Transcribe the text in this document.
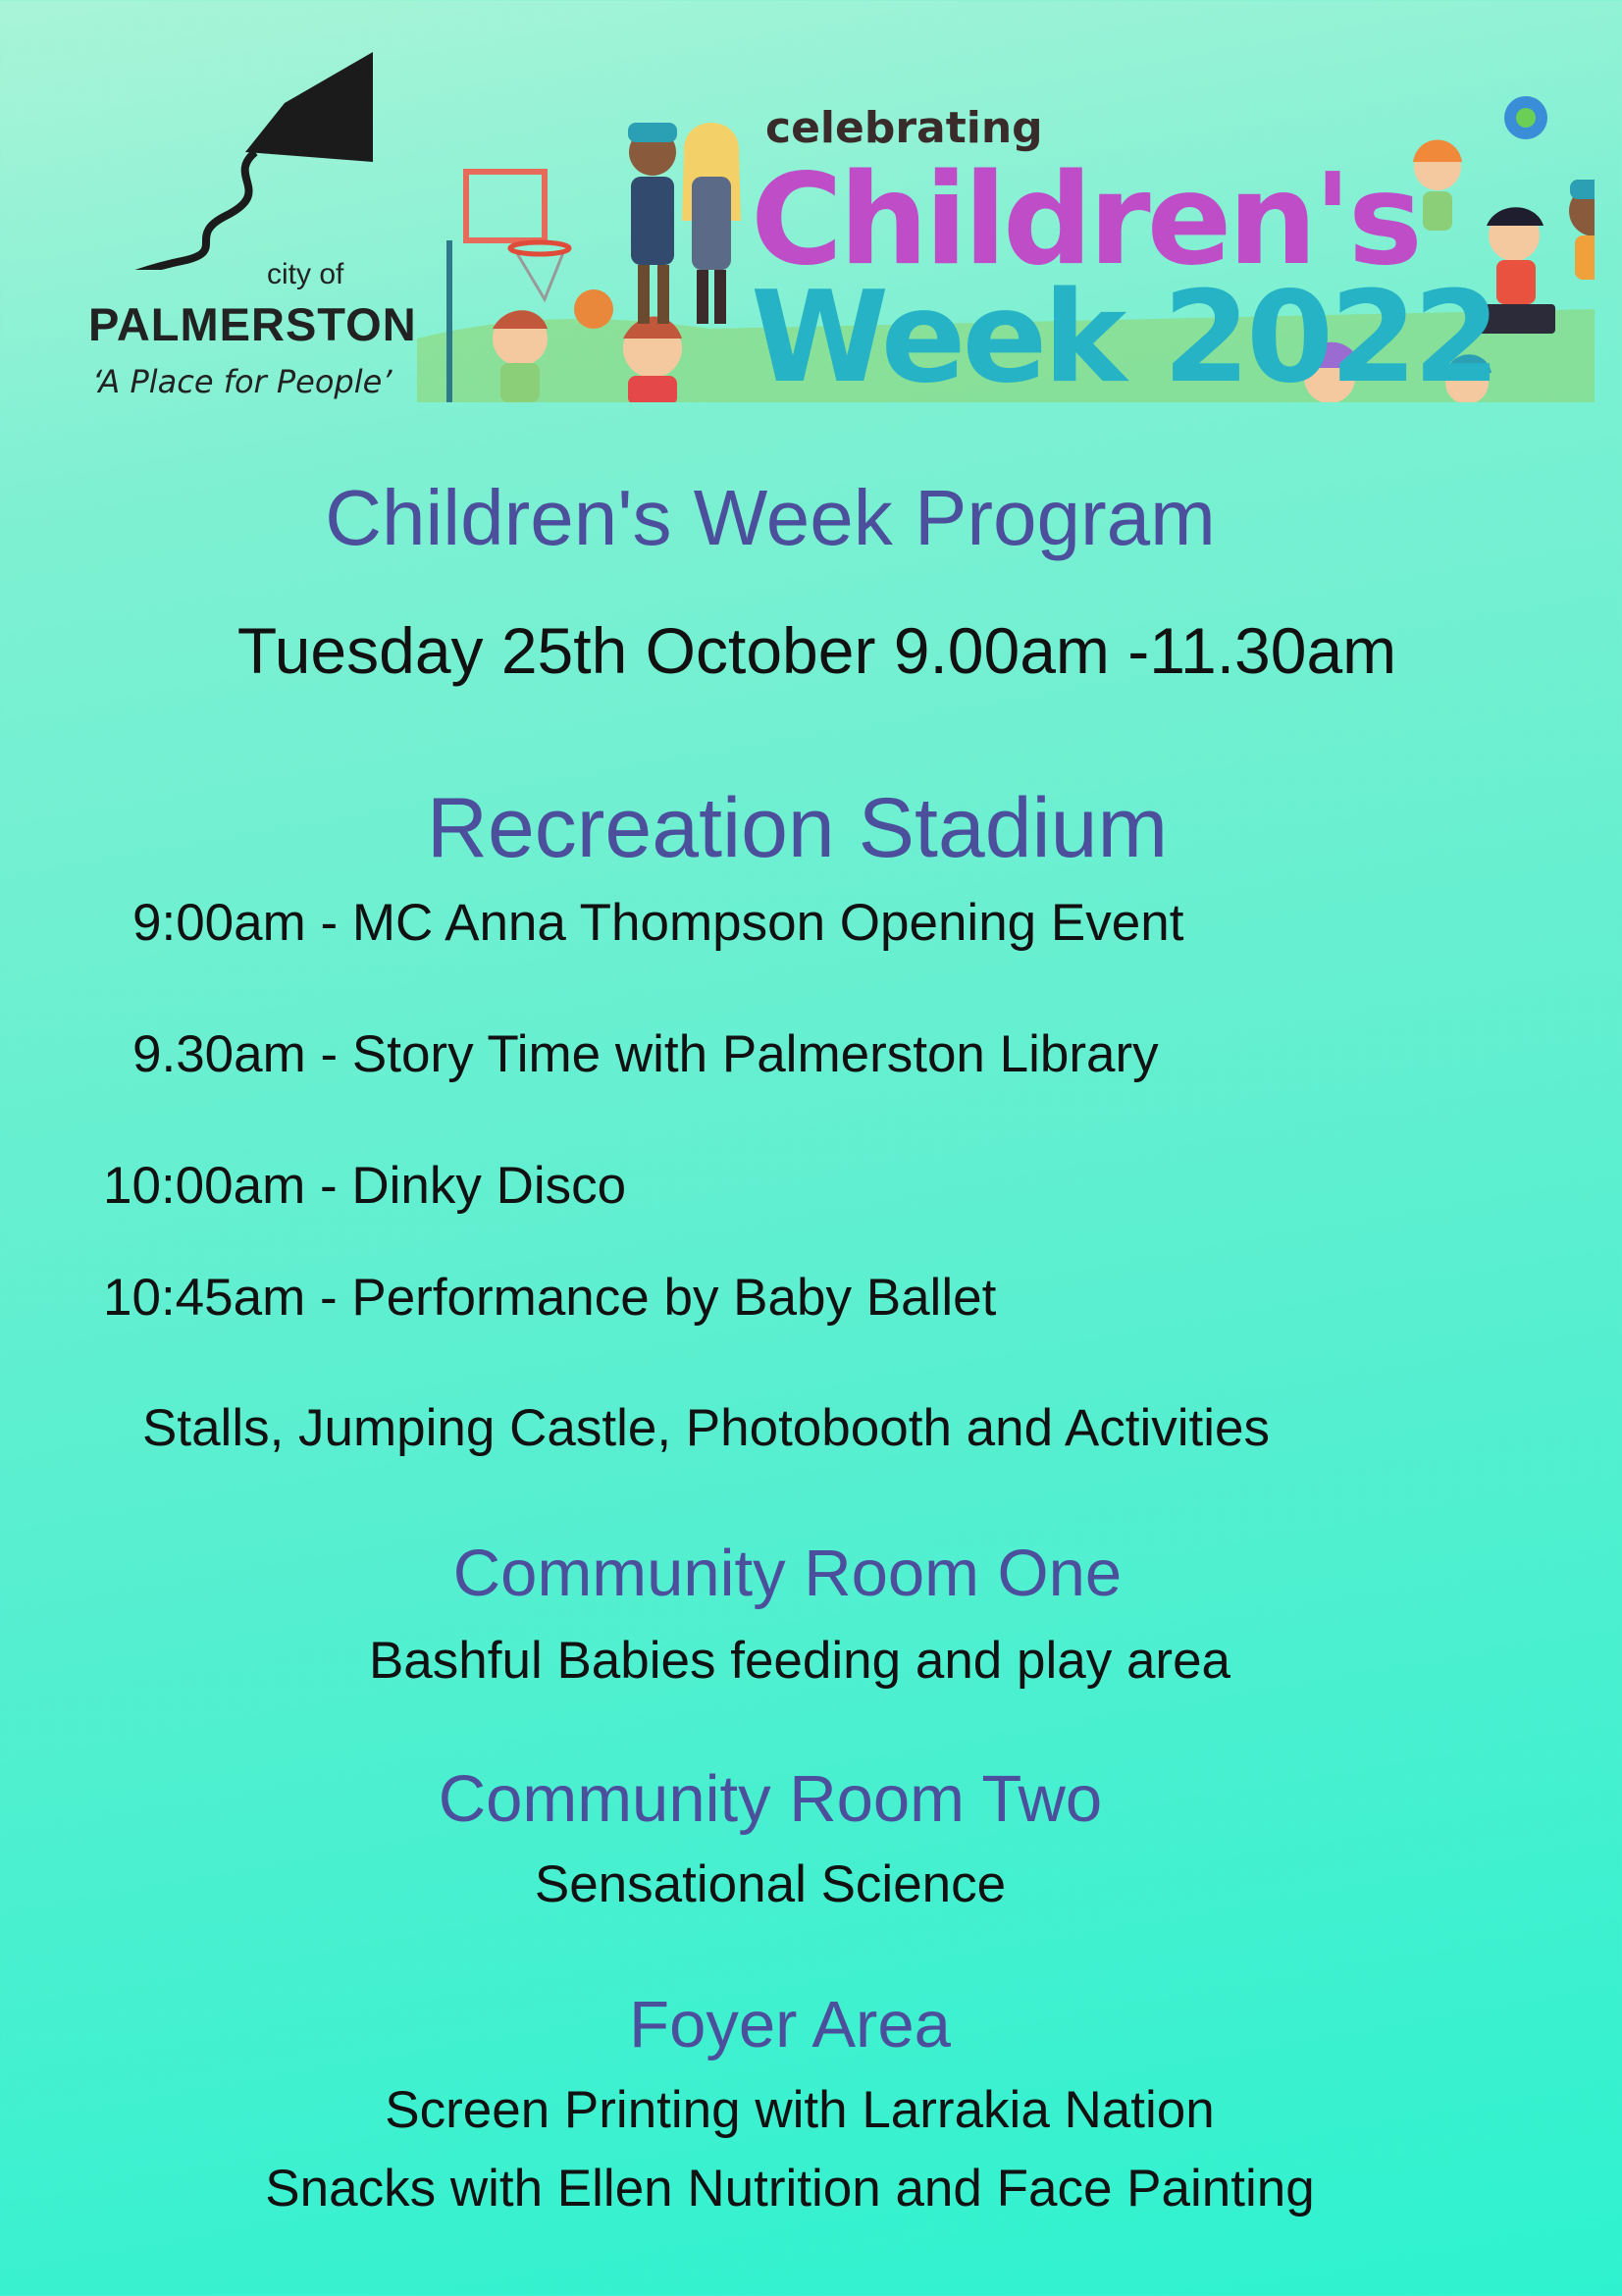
city of
PALMERSTON
‘A Place for People’
celebrating
Children's
Week 2022
Children's Week Program
Tuesday 25th October 9.00am -11.30am
Recreation Stadium
9:00am - MC Anna Thompson Opening Event
9.30am - Story Time with Palmerston Library
10:00am - Dinky Disco
10:45am - Performance by Baby Ballet
Stalls, Jumping Castle, Photobooth and Activities
Community Room One
Bashful Babies feeding and play area
Community Room Two
Sensational Science
Foyer Area
Screen Printing with Larrakia Nation
Snacks with Ellen Nutrition and Face Painting
